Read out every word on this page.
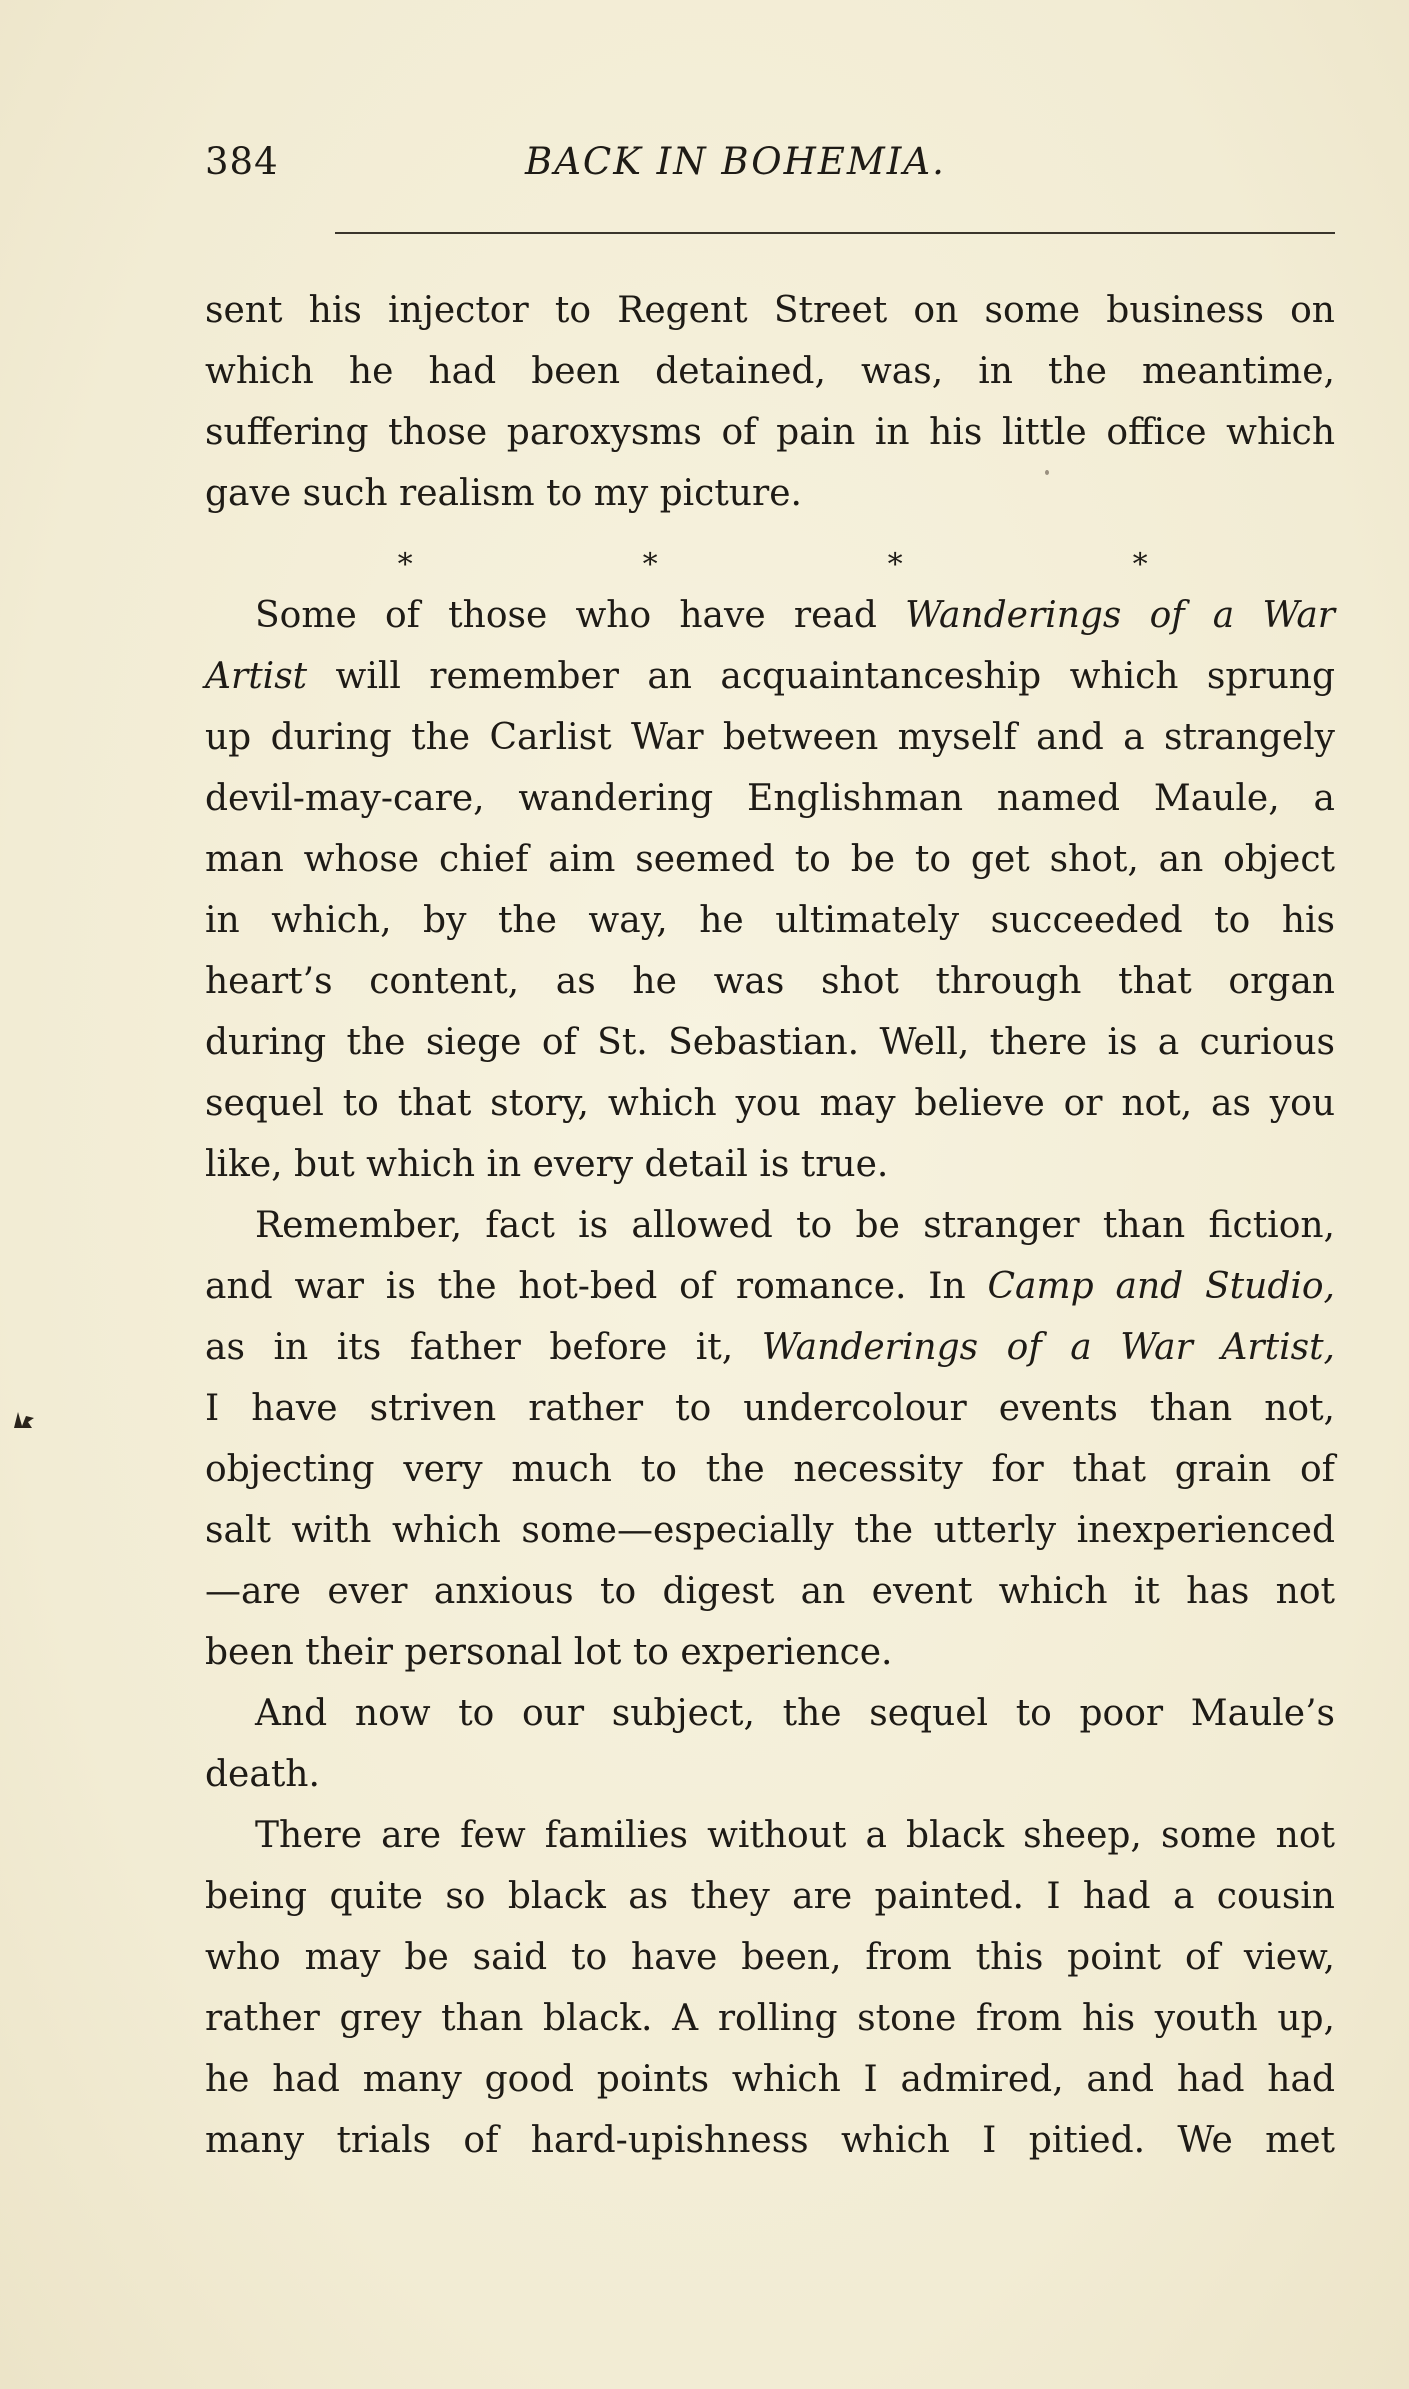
384	BACK IN BOHEMIA.
sent his injector to Regent Street on some business on
which he had been detained, was, in the meantime,
suffering those paroxysms of pain in his little office which
gave such realism to my picture.
∗	∗	∗	∗
Some of those who have read Wanderings of a War
Artist will remember an acquaintanceship which sprung
up during the Carlist War between myself and a strangely
devil-may-care, wandering Englishman named Maule, a
man whose chief aim seemed to be to get shot, an object
in which, by the way, he ultimately succeeded to his
heart’s content, as he was shot through that organ
during the siege of St. Sebastian. Well, there is a curious
sequel to that story, which you may believe or not, as you
like, but which in every detail is true.
Remember, fact is allowed to be stranger than fiction,
and war is the hot-bed of romance. In Camp and Studio,
as in its father before it, Wanderings of a War Artist,
I have striven rather to undercolour events than not,
objecting very much to the necessity for that grain of
salt with which some—especially the utterly inexperienced
—are ever anxious to digest an event which it has not
been their personal lot to experience.
And now to our subject, the sequel to poor Maule’s
death.
There are few families without a black sheep, some not
being quite so black as they are painted. I had a cousin
who may be said to have been, from this point of view,
rather grey than black. A rolling stone from his youth up,
he had many good points which I admired, and had had
many trials of hard-upishness which I pitied. We met
